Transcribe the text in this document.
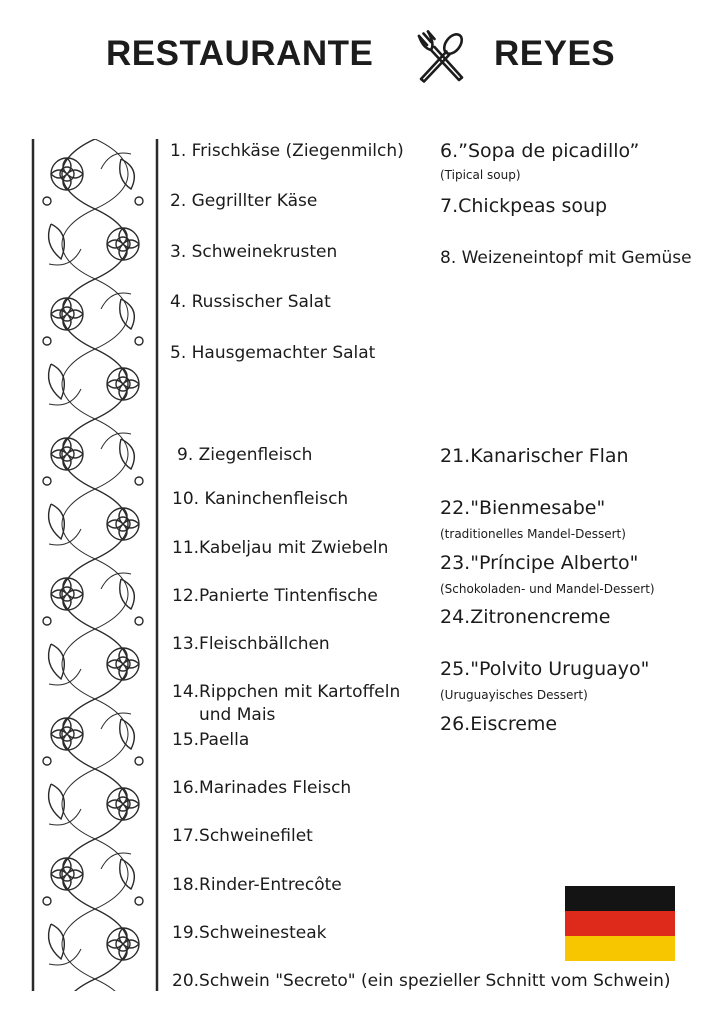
RESTAURANTE	REYES
1. Frischkäse (Ziegenmilch)
2. Gegrillter Käse
3. Schweinekrusten
4. Russischer Salat
5. Hausgemachter Salat
6.”Sopa de picadillo”
(Tipical soup)
7.Chickpeas soup
8. Weizeneintopf mit Gemüse
9. Ziegenfleisch
10. Kaninchenfleisch
11.Kabeljau mit Zwiebeln
12.Panierte Tintenfische
13.Fleischbällchen
14.Rippchen mit Kartoffeln
und Mais
15.Paella
16.Marinades Fleisch
17.Schweinefilet
18.Rinder-Entrecôte
19.Schweinesteak
20.Schwein "Secreto" (ein spezieller Schnitt vom Schwein)
21.Kanarischer Flan
22."Bienmesabe"
(traditionelles Mandel-Dessert)
23."Príncipe Alberto"
(Schokoladen- und Mandel-Dessert)
24.Zitronencreme
25."Polvito Uruguayo"
(Uruguayisches Dessert)
26.Eiscreme
